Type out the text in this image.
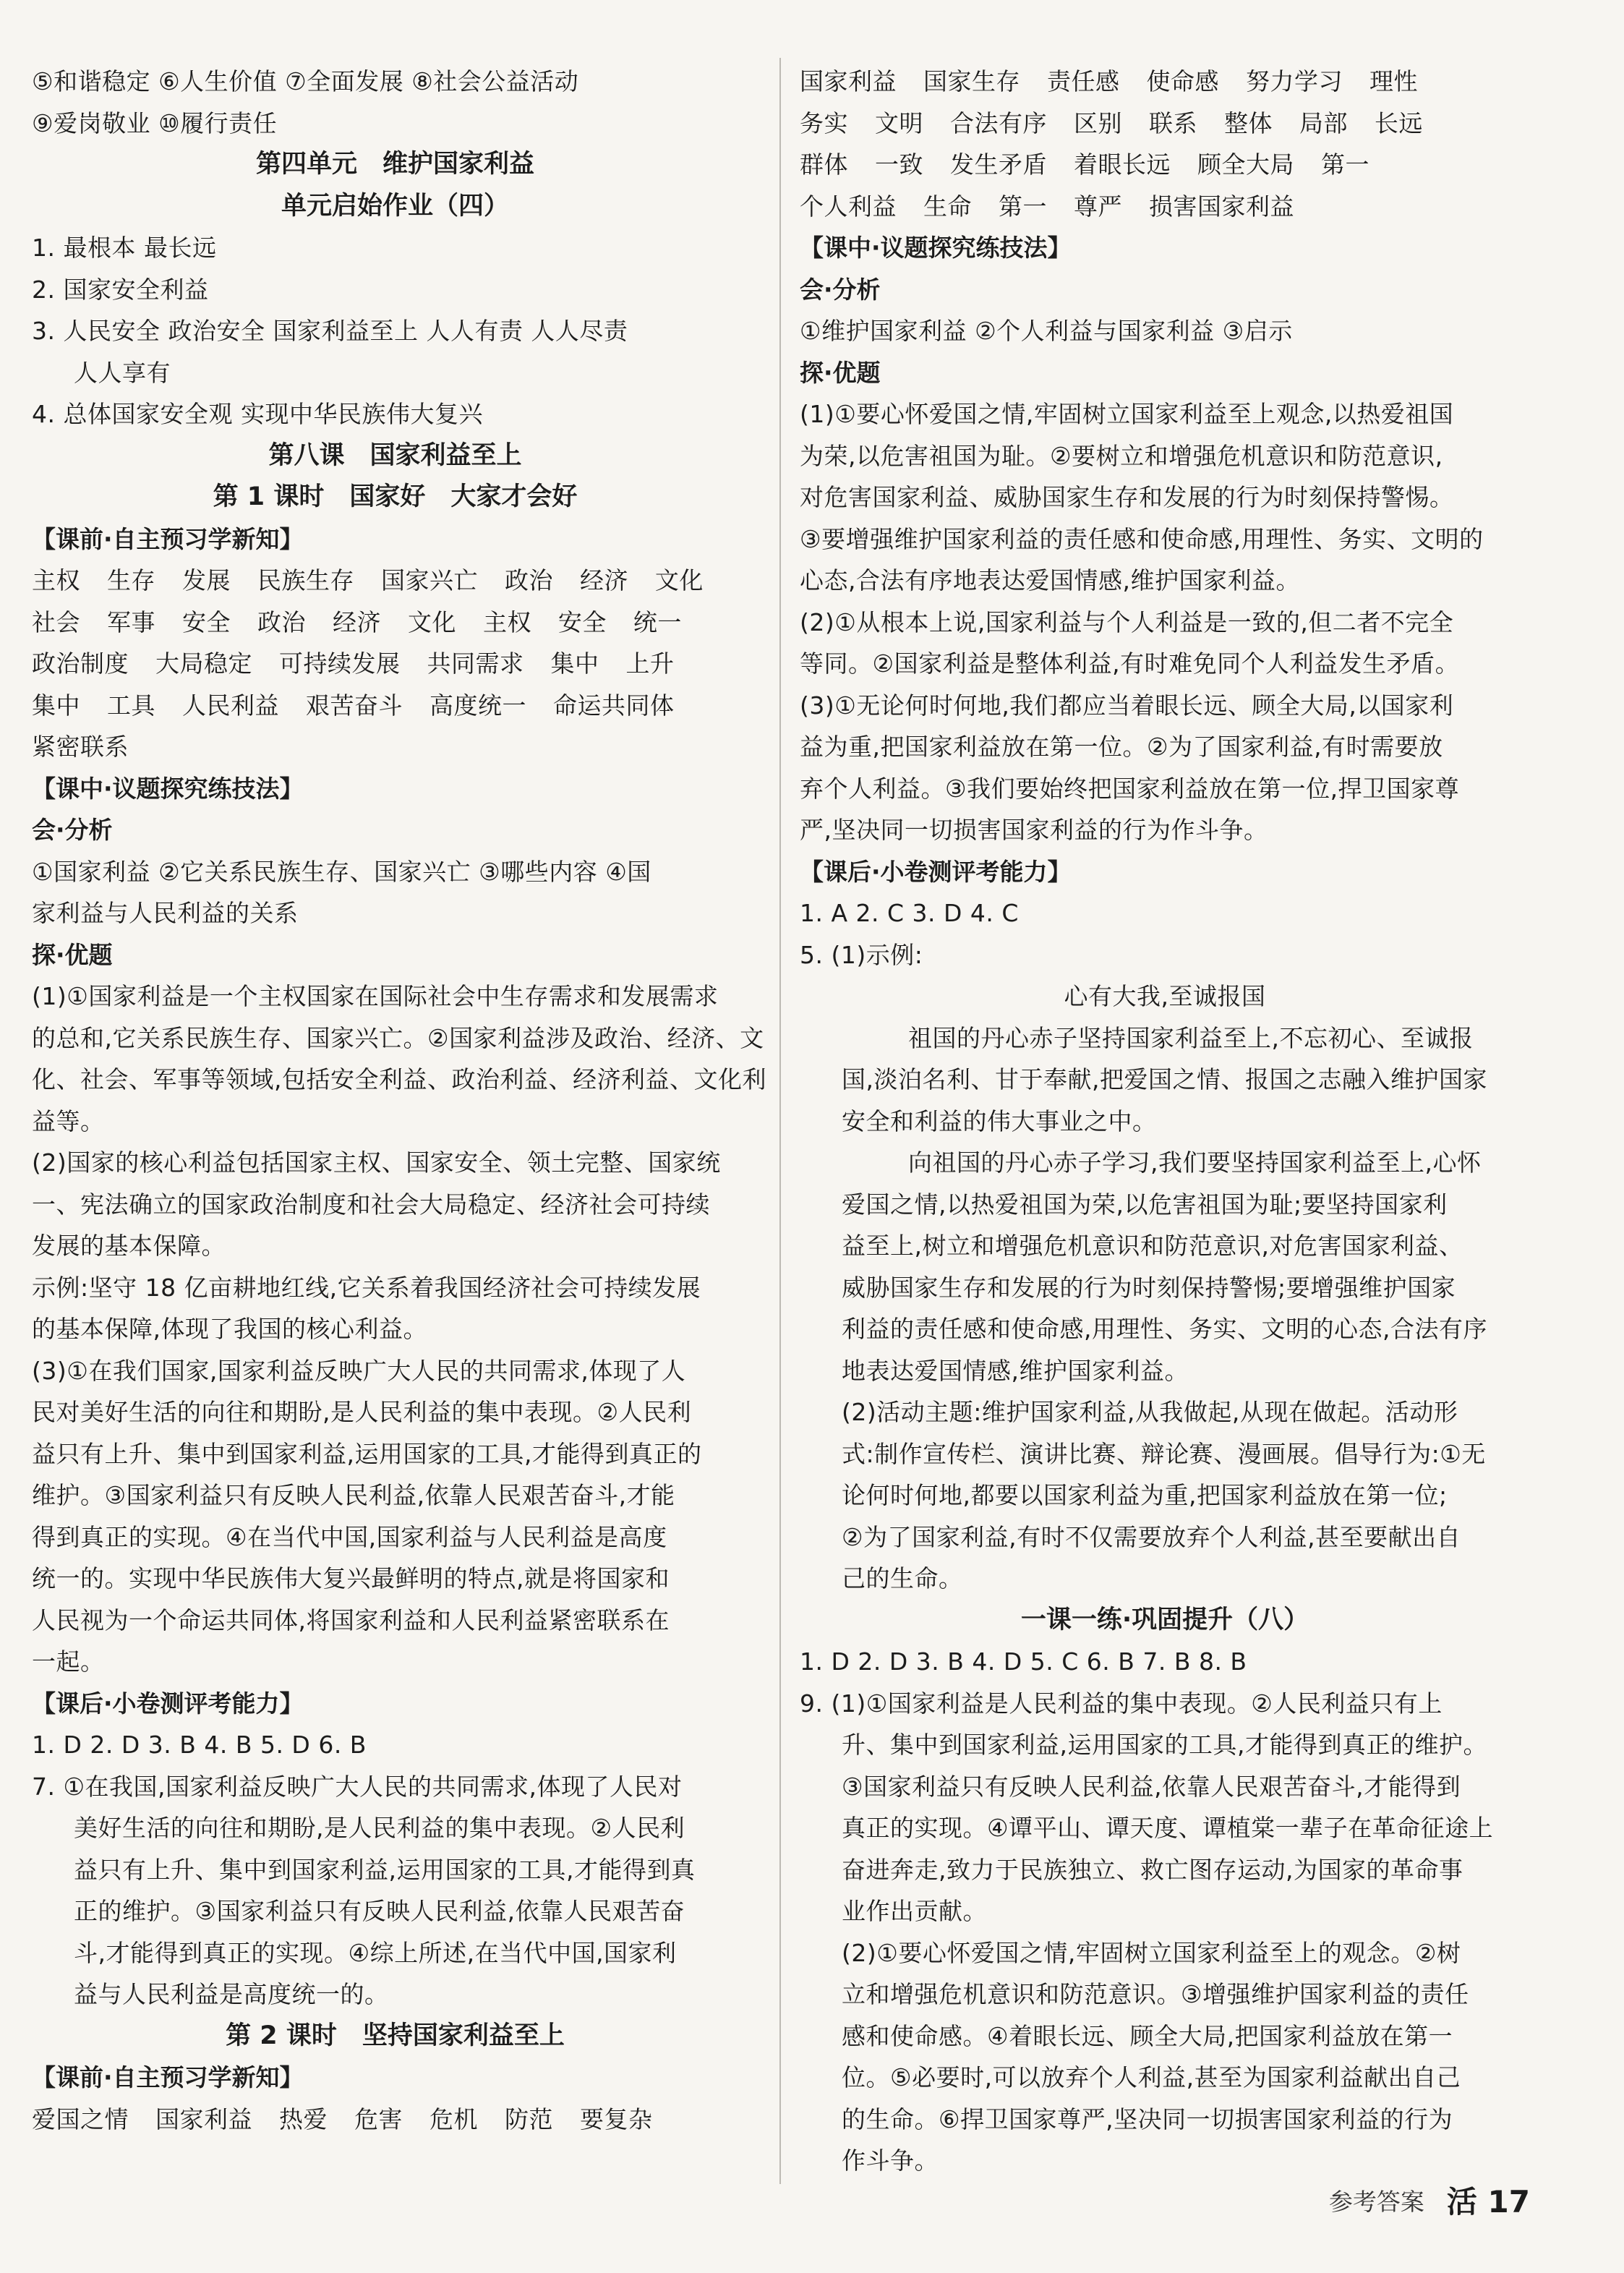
⑤和谐稳定 ⑥人生价值 ⑦全面发展 ⑧社会公益活动
⑨爱岗敬业 ⑩履行责任
第四单元　维护国家利益
单元启始作业（四）
1. 最根本 最长远
2. 国家安全利益
3. 人民安全 政治安全 国家利益至上 人人有责 人人尽责
人人享有
4. 总体国家安全观 实现中华民族伟大复兴
第八课　国家利益至上
第 1 课时　国家好　大家才会好
【课前·自主预习学新知】
主权 生存 发展 民族生存 国家兴亡 政治 经济 文化
社会 军事 安全 政治 经济 文化 主权 安全 统一
政治制度 大局稳定 可持续发展 共同需求 集中 上升
集中 工具 人民利益 艰苦奋斗 高度统一 命运共同体
紧密联系
【课中·议题探究练技法】
会·分析
①国家利益 ②它关系民族生存、国家兴亡 ③哪些内容 ④国
家利益与人民利益的关系
探·优题
(1)①国家利益是一个主权国家在国际社会中生存需求和发展需求
的总和,它关系民族生存、国家兴亡。②国家利益涉及政治、经济、文
化、社会、军事等领域,包括安全利益、政治利益、经济利益、文化利
益等。
(2)国家的核心利益包括国家主权、国家安全、领土完整、国家统
一、宪法确立的国家政治制度和社会大局稳定、经济社会可持续
发展的基本保障。
示例:坚守 18 亿亩耕地红线,它关系着我国经济社会可持续发展
的基本保障,体现了我国的核心利益。
(3)①在我们国家,国家利益反映广大人民的共同需求,体现了人
民对美好生活的向往和期盼,是人民利益的集中表现。②人民利
益只有上升、集中到国家利益,运用国家的工具,才能得到真正的
维护。③国家利益只有反映人民利益,依靠人民艰苦奋斗,才能
得到真正的实现。④在当代中国,国家利益与人民利益是高度
统一的。实现中华民族伟大复兴最鲜明的特点,就是将国家和
人民视为一个命运共同体,将国家利益和人民利益紧密联系在
一起。
【课后·小卷测评考能力】
1. D 2. D 3. B 4. B 5. D 6. B
7. ①在我国,国家利益反映广大人民的共同需求,体现了人民对
美好生活的向往和期盼,是人民利益的集中表现。②人民利
益只有上升、集中到国家利益,运用国家的工具,才能得到真
正的维护。③国家利益只有反映人民利益,依靠人民艰苦奋
斗,才能得到真正的实现。④综上所述,在当代中国,国家利
益与人民利益是高度统一的。
第 2 课时　坚持国家利益至上
【课前·自主预习学新知】
爱国之情 国家利益 热爱 危害 危机 防范 要复杂
国家利益 国家生存 责任感 使命感 努力学习 理性
务实 文明 合法有序 区别 联系 整体 局部 长远
群体 一致 发生矛盾 着眼长远 顾全大局 第一
个人利益 生命 第一 尊严 损害国家利益
【课中·议题探究练技法】
会·分析
①维护国家利益 ②个人利益与国家利益 ③启示
探·优题
(1)①要心怀爱国之情,牢固树立国家利益至上观念,以热爱祖国
为荣,以危害祖国为耻。②要树立和增强危机意识和防范意识,
对危害国家利益、威胁国家生存和发展的行为时刻保持警惕。
③要增强维护国家利益的责任感和使命感,用理性、务实、文明的
心态,合法有序地表达爱国情感,维护国家利益。
(2)①从根本上说,国家利益与个人利益是一致的,但二者不完全
等同。②国家利益是整体利益,有时难免同个人利益发生矛盾。
(3)①无论何时何地,我们都应当着眼长远、顾全大局,以国家利
益为重,把国家利益放在第一位。②为了国家利益,有时需要放
弃个人利益。③我们要始终把国家利益放在第一位,捍卫国家尊
严,坚决同一切损害国家利益的行为作斗争。
【课后·小卷测评考能力】
1. A 2. C 3. D 4. C
5. (1)示例:
心有大我,至诚报国
祖国的丹心赤子坚持国家利益至上,不忘初心、至诚报
国,淡泊名利、甘于奉献,把爱国之情、报国之志融入维护国家
安全和利益的伟大事业之中。
向祖国的丹心赤子学习,我们要坚持国家利益至上,心怀
爱国之情,以热爱祖国为荣,以危害祖国为耻;要坚持国家利
益至上,树立和增强危机意识和防范意识,对危害国家利益、
威胁国家生存和发展的行为时刻保持警惕;要增强维护国家
利益的责任感和使命感,用理性、务实、文明的心态,合法有序
地表达爱国情感,维护国家利益。
(2)活动主题:维护国家利益,从我做起,从现在做起。活动形
式:制作宣传栏、演讲比赛、辩论赛、漫画展。倡导行为:①无
论何时何地,都要以国家利益为重,把国家利益放在第一位;
②为了国家利益,有时不仅需要放弃个人利益,甚至要献出自
己的生命。
一课一练·巩固提升（八）
1. D 2. D 3. B 4. D 5. C 6. B 7. B 8. B
9. (1)①国家利益是人民利益的集中表现。②人民利益只有上
升、集中到国家利益,运用国家的工具,才能得到真正的维护。
③国家利益只有反映人民利益,依靠人民艰苦奋斗,才能得到
真正的实现。④谭平山、谭天度、谭植棠一辈子在革命征途上
奋进奔走,致力于民族独立、救亡图存运动,为国家的革命事
业作出贡献。
(2)①要心怀爱国之情,牢固树立国家利益至上的观念。②树
立和增强危机意识和防范意识。③增强维护国家利益的责任
感和使命感。④着眼长远、顾全大局,把国家利益放在第一
位。⑤必要时,可以放弃个人利益,甚至为国家利益献出自己
的生命。⑥捍卫国家尊严,坚决同一切损害国家利益的行为
作斗争。
参考答案 活 17
